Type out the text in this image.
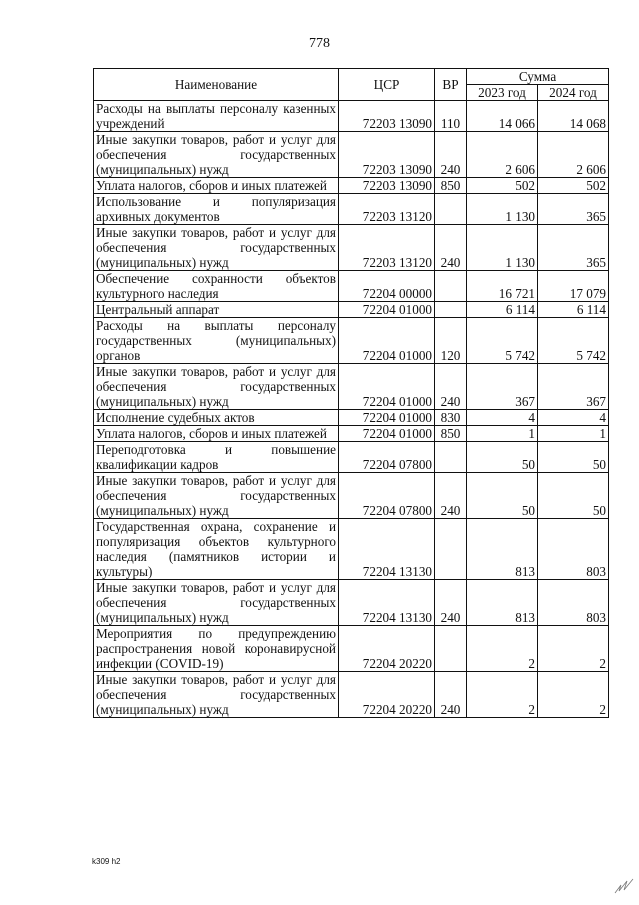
778
Наименование	ЦСР	ВР	Сумма	
			2023 год	2024 год
Расходы на выплаты персоналу казенных учреждений	72203 13090	110	14 066	14 068
Иные закупки товаров, работ и услуг для обеспечения государственных (муниципальных) нужд	72203 13090	240	2 606	2 606
Уплата налогов, сборов и иных платежей	72203 13090	850	502	502
Использование и популяризация архивных документов	72203 13120		1 130	365
Иные закупки товаров, работ и услуг для обеспечения государственных (муниципальных) нужд	72203 13120	240	1 130	365
Обеспечение сохранности объектов культурного наследия	72204 00000		16 721	17 079
Центральный аппарат	72204 01000		6 114	6 114
Расходы на выплаты персоналу государственных (муниципальных) органов	72204 01000	120	5 742	5 742
Иные закупки товаров, работ и услуг для обеспечения государственных (муниципальных) нужд	72204 01000	240	367	367
Исполнение судебных актов	72204 01000	830	4	4
Уплата налогов, сборов и иных платежей	72204 01000	850	1	1
Переподготовка и повышение квалификации кадров	72204 07800		50	50
Иные закупки товаров, работ и услуг для обеспечения государственных (муниципальных) нужд	72204 07800	240	50	50
Государственная охрана, сохранение и популяризация объектов культурного наследия (памятников истории и культуры)	72204 13130		813	803
Иные закупки товаров, работ и услуг для обеспечения государственных (муниципальных) нужд	72204 13130	240	813	803
Мероприятия по предупреждению распространения новой коронавирусной инфекции (COVID-19)	72204 20220		2	2
Иные закупки товаров, работ и услуг для обеспечения государственных (муниципальных) нужд	72204 20220	240	2	2
k309 h2
